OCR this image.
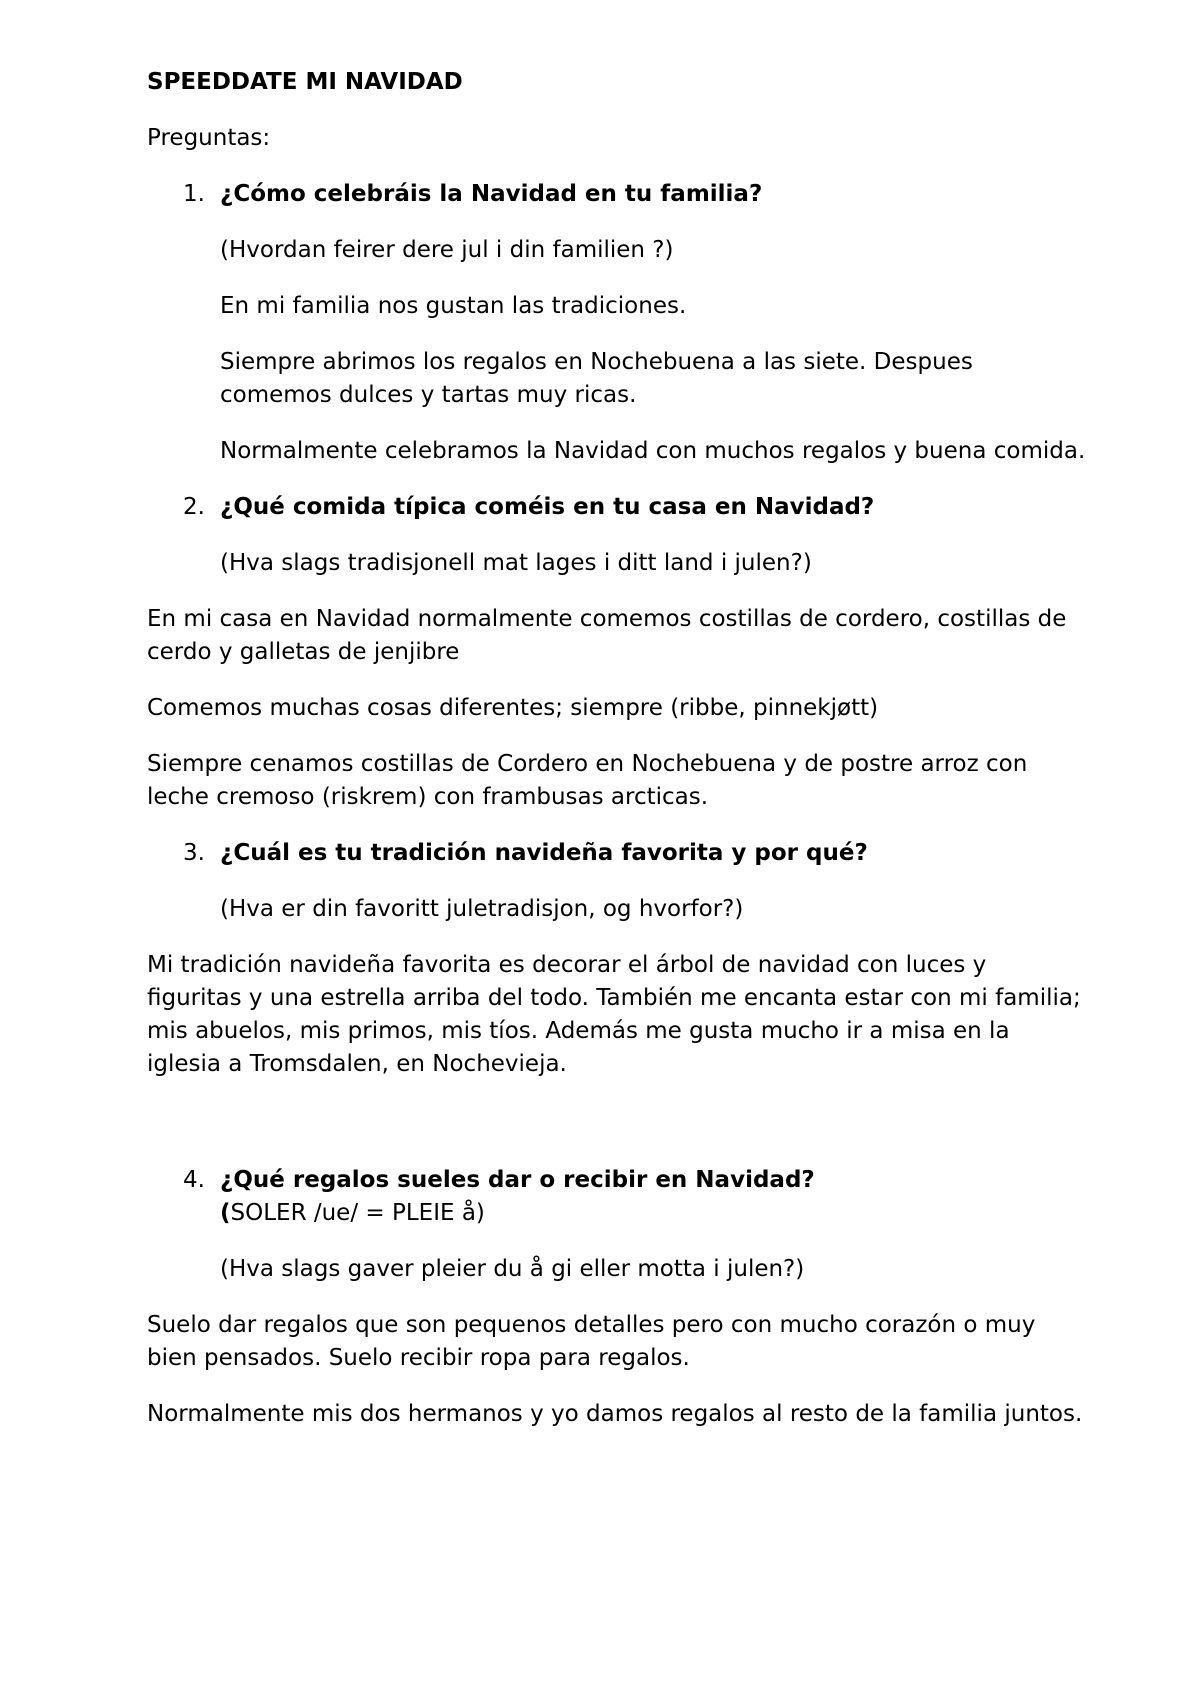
SPEEDDATE MI NAVIDAD
Preguntas:
1. ¿Cómo celebráis la Navidad en tu familia?
(Hvordan feirer dere jul i din familien ?)
En mi familia nos gustan las tradiciones.
Siempre abrimos los regalos en Nochebuena a las siete. Despues comemos dulces y tartas muy ricas.
Normalmente celebramos la Navidad con muchos regalos y buena comida.
2. ¿Qué comida típica coméis en tu casa en Navidad?
(Hva slags tradisjonell mat lages i ditt land i julen?)
En mi casa en Navidad normalmente comemos costillas de cordero, costillas de cerdo y galletas de jenjibre
Comemos muchas cosas diferentes; siempre (ribbe, pinnekjøtt)
Siempre cenamos costillas de Cordero en Nochebuena y de postre arroz con leche cremoso (riskrem) con frambusas arcticas.
3. ¿Cuál es tu tradición navideña favorita y por qué?
(Hva er din favoritt juletradisjon, og hvorfor?)
Mi tradición navideña favorita es decorar el árbol de navidad con luces y figuritas y una estrella arriba del todo. También me encanta estar con mi familia; mis abuelos, mis primos, mis tíos. Además me gusta mucho ir a misa en la iglesia a Tromsdalen, en Nochevieja.
4. ¿Qué regalos sueles dar o recibir en Navidad?
(SOLER /ue/ = PLEIE å)
(Hva slags gaver pleier du å gi eller motta i julen?)
Suelo dar regalos que son pequenos detalles pero con mucho corazón o muy bien pensados. Suelo recibir ropa para regalos.
Normalmente mis dos hermanos y yo damos regalos al resto de la familia juntos.
